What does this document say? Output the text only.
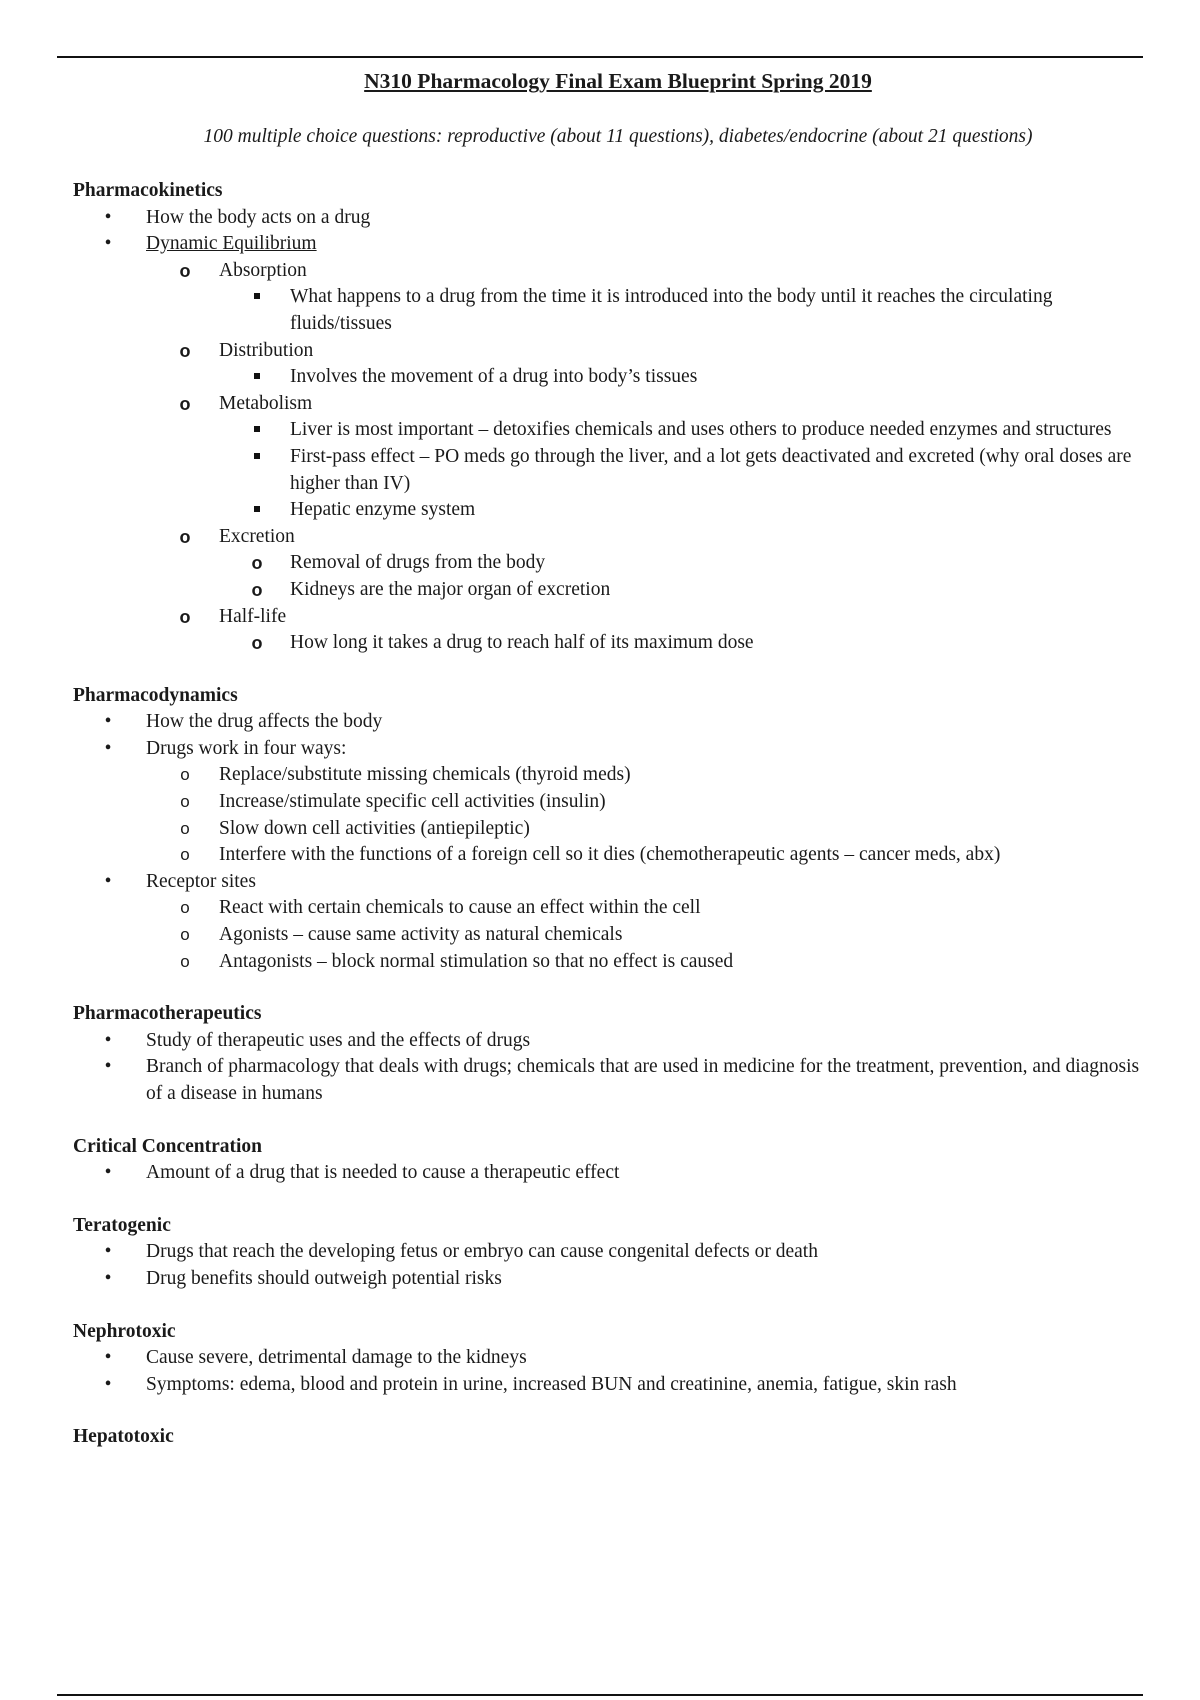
N310 Pharmacology Final Exam Blueprint Spring 2019
100 multiple choice questions: reproductive (about 11 questions), diabetes/endocrine (about 21 questions)
Pharmacokinetics
•
How the body acts on a drug
•
Dynamic Equilibrium
o
Absorption
What happens to a drug from the time it is introduced into the body until it reaches the circulating fluids/tissues
o
Distribution
Involves the movement of a drug into body’s tissues
o
Metabolism
Liver is most important – detoxifies chemicals and uses others to produce needed enzymes and structures
First-pass effect – PO meds go through the liver, and a lot gets deactivated and excreted (why oral doses are higher than IV)
Hepatic enzyme system
o
Excretion
o
Removal of drugs from the body
o
Kidneys are the major organ of excretion
o
Half-life
o
How long it takes a drug to reach half of its maximum dose
Pharmacodynamics
•
How the drug affects the body
•
Drugs work in four ways:
o
Replace/substitute missing chemicals (thyroid meds)
o
Increase/stimulate specific cell activities (insulin)
o
Slow down cell activities (antiepileptic)
o
Interfere with the functions of a foreign cell so it dies (chemotherapeutic agents – cancer meds, abx)
•
Receptor sites
o
React with certain chemicals to cause an effect within the cell
o
Agonists – cause same activity as natural chemicals
o
Antagonists – block normal stimulation so that no effect is caused
Pharmacotherapeutics
•
Study of therapeutic uses and the effects of drugs
•
Branch of pharmacology that deals with drugs; chemicals that are used in medicine for the treatment, prevention, and diagnosis of a disease in humans
Critical Concentration
•
Amount of a drug that is needed to cause a therapeutic effect
Teratogenic
•
Drugs that reach the developing fetus or embryo can cause congenital defects or death
•
Drug benefits should outweigh potential risks
Nephrotoxic
•
Cause severe, detrimental damage to the kidneys
•
Symptoms: edema, blood and protein in urine, increased BUN and creatinine, anemia, fatigue, skin rash
Hepatotoxic
